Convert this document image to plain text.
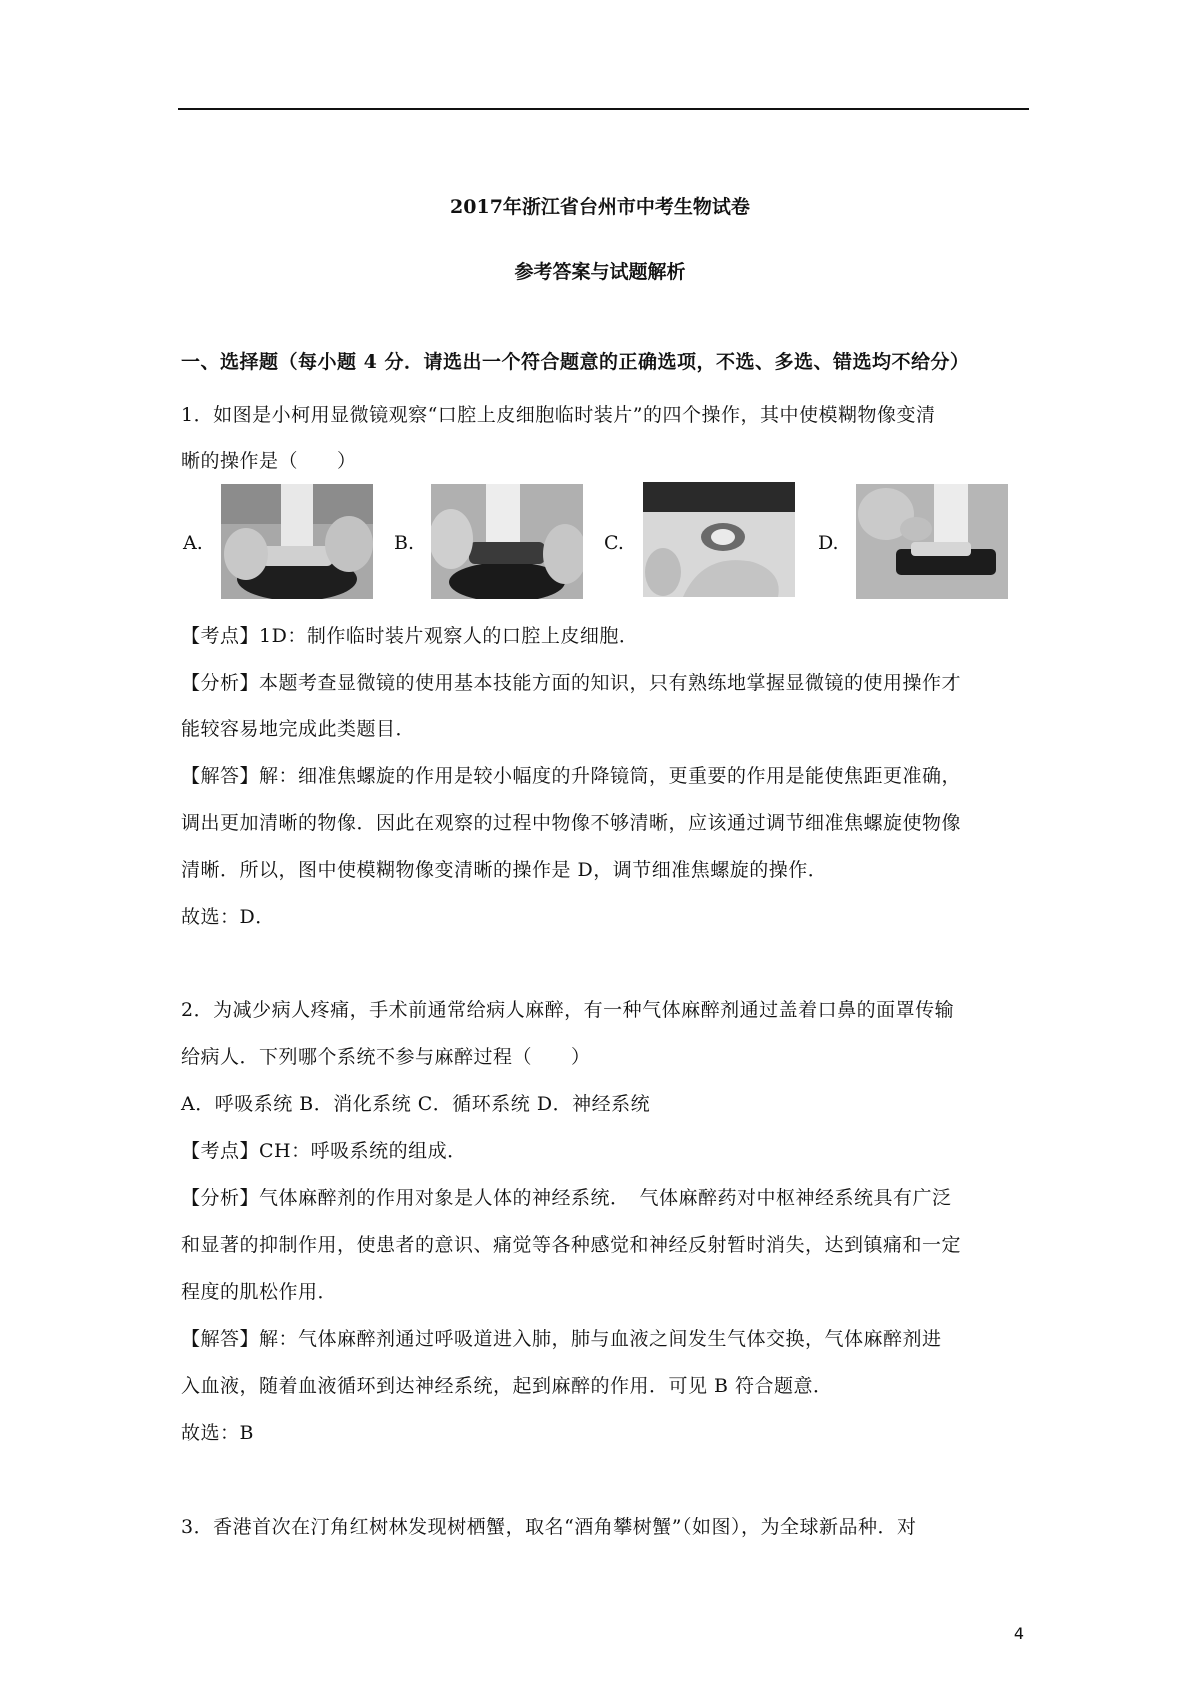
2017年浙江省台州市中考生物试卷
参考答案与试题解析
一、选择题（每小题 4 分．请选出一个符合题意的正确选项，不选、多选、错选均不给分）
1．如图是小柯用显微镜观察“口腔上皮细胞临时装片”的四个操作，其中使模糊物像变清
晰的操作是（　　）
A.	B.	C.	D.
【考点】1D：制作临时装片观察人的口腔上皮细胞．
【分析】本题考查显微镜的使用基本技能方面的知识，只有熟练地掌握显微镜的使用操作才
能较容易地完成此类题目．
【解答】解：细准焦螺旋的作用是较小幅度的升降镜筒，更重要的作用是能使焦距更准确，
调出更加清晰的物像．因此在观察的过程中物像不够清晰，应该通过调节细准焦螺旋使物像
清晰．所以，图中使模糊物像变清晰的操作是 D，调节细准焦螺旋的操作．
故选：D．
2．为减少病人疼痛，手术前通常给病人麻醉，有一种气体麻醉剂通过盖着口鼻的面罩传输
给病人．下列哪个系统不参与麻醉过程（　　）
A．呼吸系统 B．消化系统 C．循环系统 D．神经系统
【考点】CH：呼吸系统的组成．
【分析】气体麻醉剂的作用对象是人体的神经系统．　气体麻醉药对中枢神经系统具有广泛
和显著的抑制作用，使患者的意识、痛觉等各种感觉和神经反射暂时消失，达到镇痛和一定
程度的肌松作用．
【解答】解：气体麻醉剂通过呼吸道进入肺，肺与血液之间发生气体交换，气体麻醉剂进
入血液，随着血液循环到达神经系统，起到麻醉的作用．可见 B 符合题意．
故选：B
3．香港首次在汀角红树林发现树栖蟹，取名“酒角攀树蟹”（如图），为全球新品种．对
4
